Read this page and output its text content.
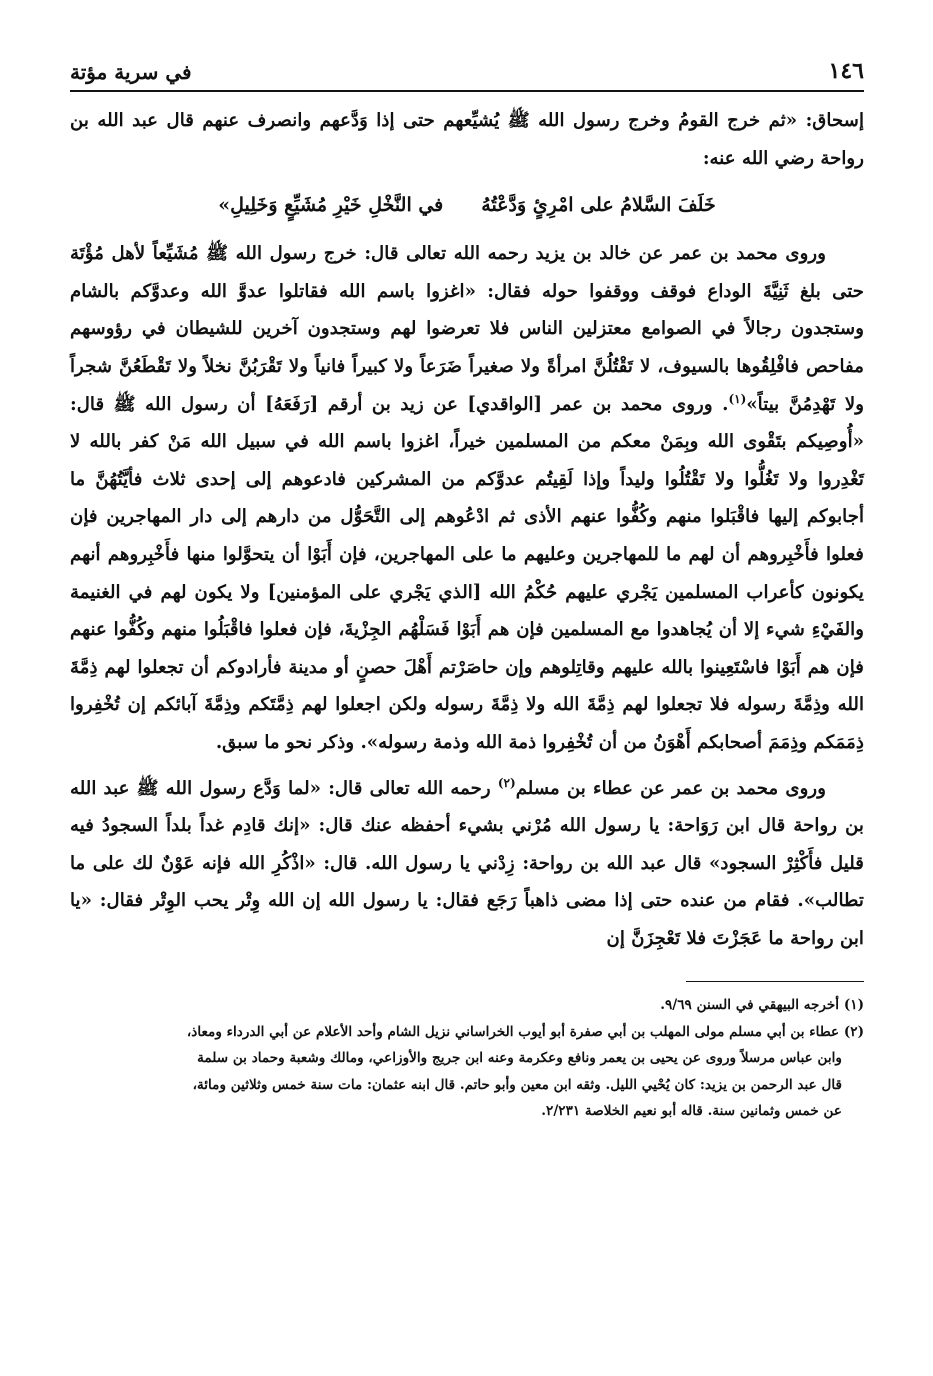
١٤٦
في سرية مؤتة

إسحاق: «ثم خرج القومُ وخرج رسول الله ﷺ يُشيِّعهم حتى إذا وَدَّعهم وانصرف عنهم قال عبد الله بن رواحة رضي الله عنه:

خَلَفَ السَّلامُ على امْرِئٍ وَدَّعْتُهُ
في النَّخْلِ خَيْرِ مُشَيِّعٍ وَخَلِيلِ»

وروى محمد بن عمر عن خالد بن يزيد رحمه الله تعالى قال: خرج رسول الله ﷺ مُشَيِّعاً لأهل مُؤْتَة حتى بلغ ثَنِيَّةَ الوداع فوقف ووقفوا حوله فقال: «اغزوا باسم الله فقاتلوا عدوَّ الله وعدوَّكم بالشام وستجدون رجالاً في الصوامع معتزلين الناس فلا تعرضوا لهم وستجدون آخرين للشيطان في رؤوسهم مفاحص فافْلِقُوها بالسيوف، لا تَقْتُلُنَّ امرأةً ولا صغيراً ضَرَعاً ولا كبيراً فانياً ولا تَقْرَبُنَّ نخلاً ولا تَقْطَعُنَّ شجراً ولا تَهْدِمُنَّ بيتاً»$^{(١)}$. وروى محمد بن عمر [الواقدي] عن زيد بن أرقم [رَفَعَهُ] أن رسول الله ﷺ قال: «أُوصِيكم بتَقْوى الله وبِمَنْ معكم من المسلمين خيراً، اغزوا باسم الله في سبيل الله مَنْ كفر بالله لا تَغْدِروا ولا تَغُلُّوا ولا تَقْتُلُوا وليداً وإذا لَقِيتُم عدوَّكم من المشركين فادعوهم إلى إحدى ثلاث فأيَّتُهُنَّ ما أجابوكم إليها فاقْبَلوا منهم وكُفُّوا عنهم الأذى ثم ادْعُوهم إلى التَّحَوُّل من دارهم إلى دار المهاجرين فإن فعلوا فأَخْبِروهم أن لهم ما للمهاجرين وعليهم ما على المهاجرين، فإن أَبَوْا أن يتحوَّلوا منها فأَخْبِروهم أنهم يكونون كأعراب المسلمين يَجْري عليهم حُكْمُ الله [الذي يَجْري على المؤمنين] ولا يكون لهم في الغنيمة والفَيْءِ شيء إلا أن يُجاهدوا مع المسلمين فإن هم أَبَوْا فَسَلْهُم الجِزْيةَ، فإن فعلوا فاقْبَلُوا منهم وكُفُّوا عنهم فإن هم أَبَوْا فاسْتَعِينوا بالله عليهم وقاتِلوهم وإن حاصَرْتم أَهْلَ حصنٍ أو مدينة فأرادوكم أن تجعلوا لهم ذِمَّةَ الله وذِمَّةَ رسوله فلا تجعلوا لهم ذِمَّةَ الله ولا ذِمَّةَ رسوله ولكن اجعلوا لهم ذِمَّتَكم وذِمَّةَ آبائكم إن تُخْفِروا ذِمَمَكم وذِمَمَ أصحابكم أَهْوَنُ من أن تُخْفِروا ذمة الله وذمة رسوله». وذكر نحو ما سبق.

وروى محمد بن عمر عن عطاء بن مسلم$^{(٢)}$ رحمه الله تعالى قال: «لما وَدَّع رسول الله ﷺ عبد الله بن رواحة قال ابن رَوَاحة: يا رسول الله مُرْني بشيء أحفظه عنك قال: «إنك قادِم غداً بلداً السجودُ فيه قليل فأَكْثِرْ السجود» قال عبد الله بن رواحة: زِدْني يا رسول الله. قال: «اذْكُرِ الله فإنه عَوْنٌ لك على ما تطالب». فقام من عنده حتى إذا مضى ذاهباً رَجَع فقال: يا رسول الله إن الله وِتْر يحب الوِتْر فقال: «يا ابن رواحة ما عَجَزْتَ فلا تَعْجِزَنَّ إن

(١) أخرجه البيهقي في السنن ٩/٦٩.

(٢) عطاء بن أبي مسلم مولى المهلب بن أبي صفرة أبو أيوب الخراساني نزيل الشام وأحد الأعلام عن أبي الدرداء ومعاذ،

وابن عباس مرسلاً وروى عن يحيى بن يعمر ونافع وعكرمة وعنه ابن جريج والأوزاعي، ومالك وشعبة وحماد بن سلمة

قال عبد الرحمن بن يزيد: كان يُحْيي الليل. وثقه ابن معين وأبو حاتم. قال ابنه عثمان: مات سنة خمس وثلاثين ومائة،

عن خمس وثمانين سنة. قاله أبو نعيم الخلاصة ٢/٢٣١.
